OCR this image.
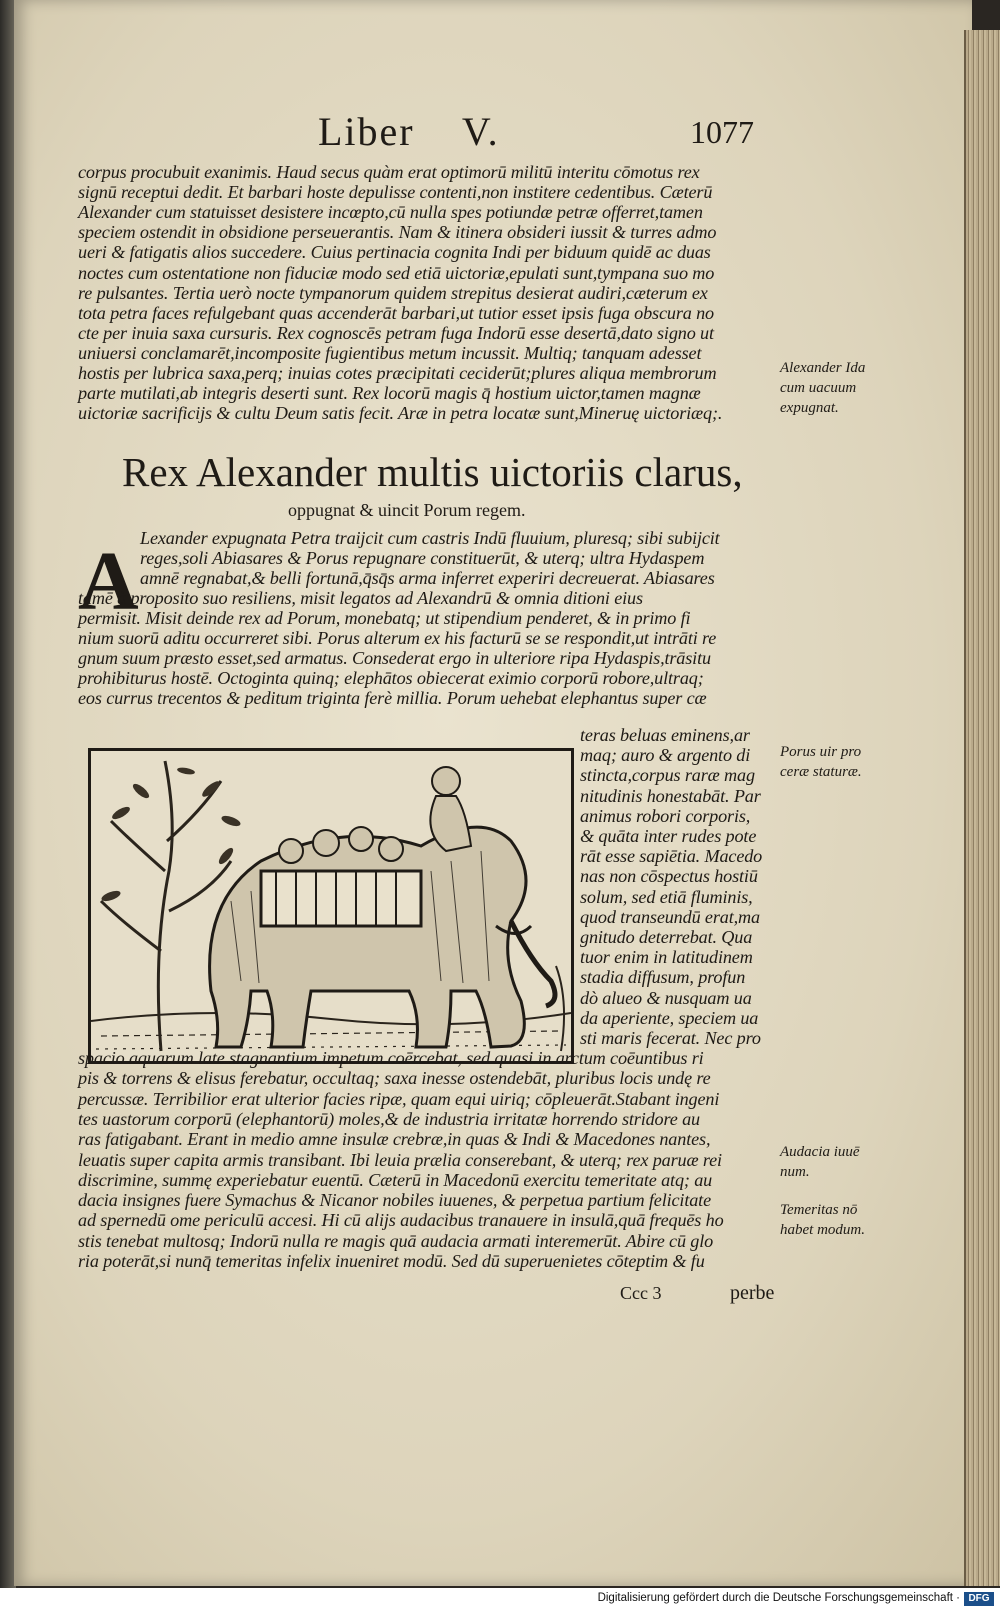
Liber V.	1077
corpus procubuit exanimis. Haud secus quàm erat optimorū militū interitu cōmotus rex
signū receptui dedit. Et barbari hoste depulisse contenti,non institere cedentibus. Cæterū
Alexander cum statuisset desistere incœpto,cū nulla spes potiundæ petræ offerret,tamen
speciem ostendit in obsidione perseuerantis. Nam & itinera obsideri iussit & turres admo
ueri & fatigatis alios succedere. Cuius pertinacia cognita Indi per biduum quidē ac duas
noctes cum ostentatione non fiduciæ modo sed etiā uictoriæ,epulati sunt,tympana suo mo
re pulsantes. Tertia uerò nocte tympanorum quidem strepitus desierat audiri,cæterum ex
tota petra faces refulgebant quas accenderāt barbari,ut tutior esset ipsis fuga obscura no
cte per inuia saxa cursuris. Rex cognoscēs petram fuga Indorū esse desertā,dato signo ut
uniuersi conclamarēt,incomposite fugientibus metum incussit. Multiq; tanquam adesset
hostis per lubrica saxa,perq; inuias cotes præcipitati ceciderūt;plures aliqua membrorum
parte mutilati,ab integris deserti sunt. Rex locorū magis q̄ hostium uictor,tamen magnæ
uictoriæ sacrificijs & cultu Deum satis fecit. Aræ in petra locatæ sunt,Mineruę uictoriæq;.
Alexander Ida
cum uacuum
expugnat.
Porus uir pro
ceræ staturæ.
Audacia iuuē
num.
Temeritas nō
habet modum.
Rex Alexander multis uictoriis clarus,
oppugnat & uincit Porum regem.
A Lexander expugnata Petra traijcit cum castris Indū fluuium, pluresq; sibi subijcit
reges,soli Abiasares & Porus repugnare constituerūt, & uterq; ultra Hydaspem
amnē regnabat,& belli fortunā,q̄sq̄s arma inferret experiri decreuerat. Abiasares
tamē à proposito suo resiliens, misit legatos ad Alexandrū & omnia ditioni eius
permisit. Misit deinde rex ad Porum, monebatq; ut stipendium penderet, & in primo fi
nium suorū aditu occurreret sibi. Porus alterum ex his facturū se se respondit,ut intrāti re
gnum suum præsto esset,sed armatus. Consederat ergo in ulteriore ripa Hydaspis,trāsitu
prohibiturus hostē. Octoginta quinq; elephātos obiecerat eximio corporū robore,ultraq;
eos currus trecentos & peditum triginta ferè millia. Porum uehebat elephantus super cæ
teras beluas eminens,ar
maq; auro & argento di
stincta,corpus raræ mag
nitudinis honestabāt. Par
animus robori corporis,
& quāta inter rudes pote
rāt esse sapiētia. Macedo
nas non cōspectus hostiū
solum, sed etiā fluminis,
quod transeundū erat,ma
gnitudo deterrebat. Qua
tuor enim in latitudinem
stadia diffusum, profun
dò alueo & nusquam ua
da aperiente, speciem ua
sti maris fecerat. Nec pro
spacio aquarum late stagnantium impetum coērcebat, sed quasi in arctum coēuntibus ri
pis & torrens & elisus ferebatur, occultaq; saxa inesse ostendebāt, pluribus locis undę re
percussæ. Terribilior erat ulterior facies ripæ, quam equi uiriq; cōpleuerāt.Stabant ingeni
tes uastorum corporū (elephantorū) moles,& de industria irritatæ horrendo stridore au
ras fatigabant. Erant in medio amne insulæ crebræ,in quas & Indi & Macedones nantes,
leuatis super capita armis transibant. Ibi leuia prælia conserebant, & uterq; rex paruæ rei
discrimine, summę experiebatur euentū. Cæterū in Macedonū exercitu temeritate atq; au
dacia insignes fuere Symachus & Nicanor nobiles iuuenes, & perpetua partium felicitate
ad spernedū ome periculū accesi. Hi cū alijs audacibus tranauere in insulā,quā frequēs ho
stis tenebat multosq; Indorū nulla re magis quā audacia armati interemerūt. Abire cū glo
ria poterāt,si nunq̄ temeritas infelix inueniret modū. Sed dū superuenietes cōteptim & fu
Ccc 3	perbe
Digitalisierung gefördert durch die Deutsche Forschungsgemeinschaft · DFG
